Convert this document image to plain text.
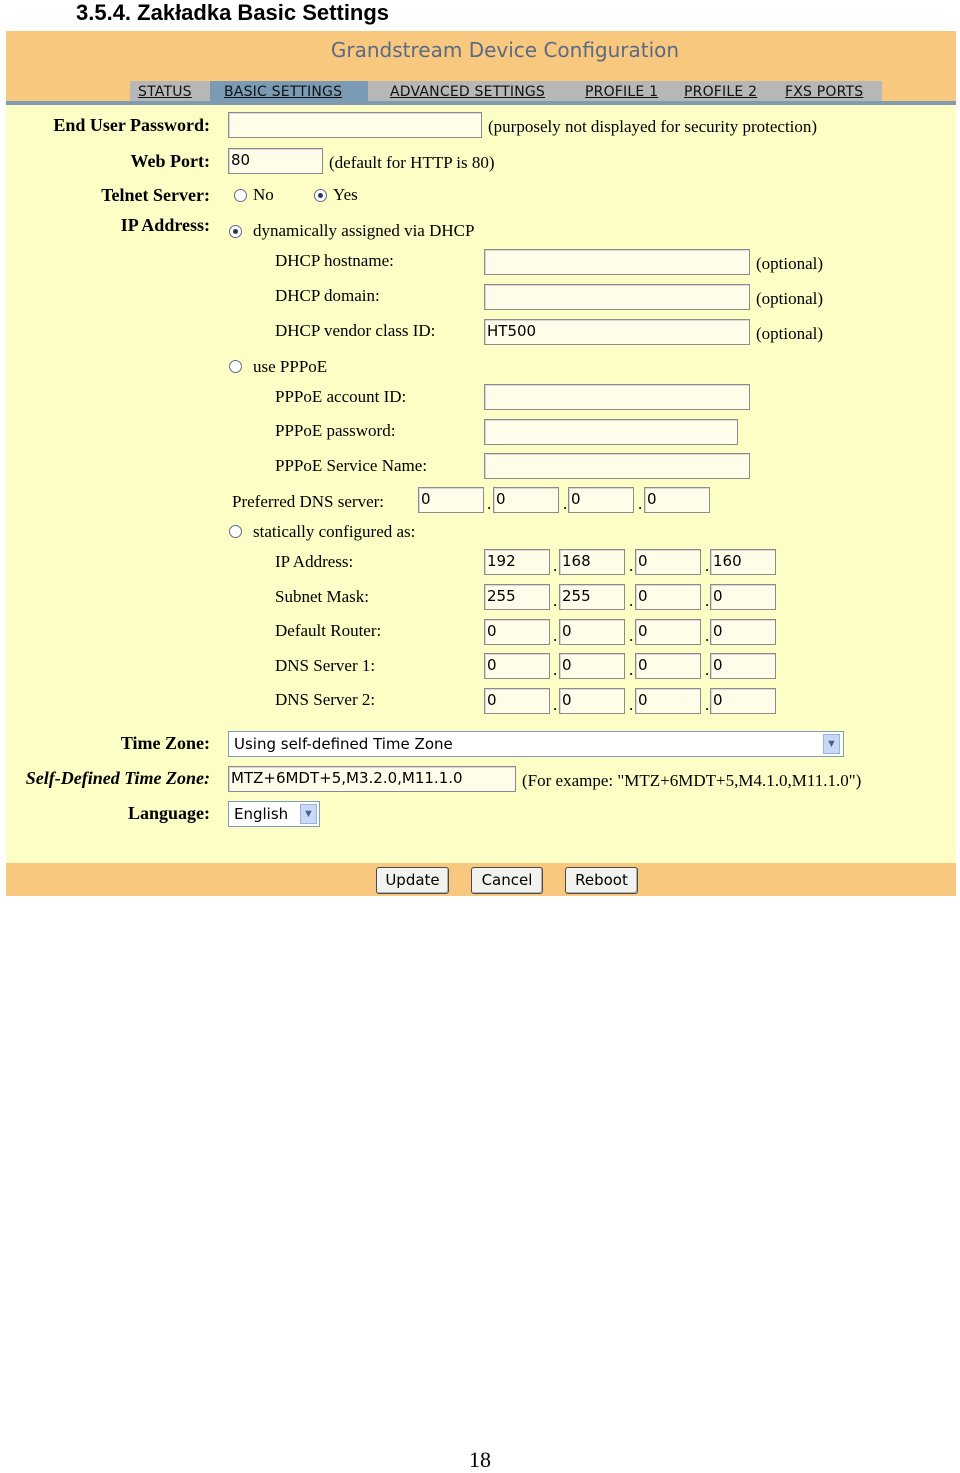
3.5.4. Zakładka Basic Settings
Grandstream Device Configuration
STATUS	BASIC SETTINGS	ADVANCED SETTINGS	PROFILE 1	PROFILE 2	FXS PORTS
End User Password:	(purposely not displayed for security protection)
Web Port: 80	(default for HTTP is 80)
Telnet Server:	No	Yes
IP Address:	dynamically assigned via DHCP
DHCP hostname:	(optional)
DHCP domain:	(optional)
DHCP vendor class ID:	HT500	(optional)
use PPPoE
PPPoE account ID:
PPPoE password:
PPPoE Service Name:
Preferred DNS server: 0	. 0	. 0	. 0
statically configured as:
IP Address:	192	. 168	. 0	. 160
Subnet Mask:	255	. 255	. 0	. 0
Default Router:	0	. 0	. 0	. 0
DNS Server 1:	0	. 0	. 0	. 0
DNS Server 2:	0	. 0	. 0	. 0
Time Zone:	Using self-defined Time Zone	▼
Self-Defined Time Zone: MTZ+6MDT+5,M3.2.0,M11.1.0	(For exampe: "MTZ+6MDT+5,M4.1.0,M11.1.0")
Language:	English	▼
Update	Cancel	Reboot
18
